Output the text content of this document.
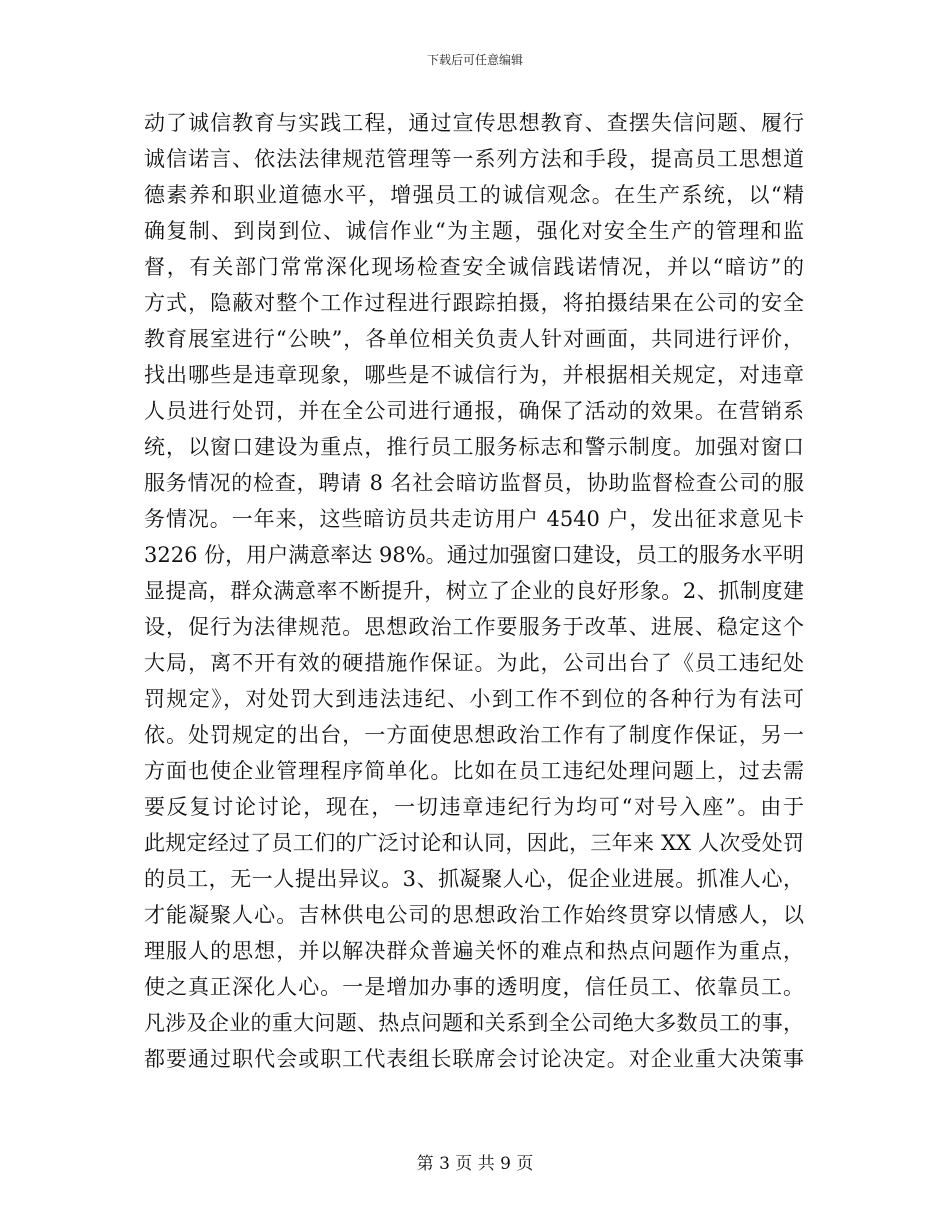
下载后可任意编辑
动了诚信教育与实践工程，通过宣传思想教育、查摆失信问题、履行
诚信诺言、依法法律规范管理等一系列方法和手段，提高员工思想道
德素养和职业道德水平，增强员工的诚信观念。在生产系统，以“精
确复制、到岗到位、诚信作业“为主题，强化对安全生产的管理和监
督，有关部门常常深化现场检查安全诚信践诺情况，并以“暗访”的
方式，隐蔽对整个工作过程进行跟踪拍摄，将拍摄结果在公司的安全
教育展室进行“公映”，各单位相关负责人针对画面，共同进行评价，
找出哪些是违章现象，哪些是不诚信行为，并根据相关规定，对违章
人员进行处罚，并在全公司进行通报，确保了活动的效果。在营销系
统，以窗口建设为重点，推行员工服务标志和警示制度。加强对窗口
服务情况的检查，聘请 8 名社会暗访监督员，协助监督检查公司的服
务情况。一年来，这些暗访员共走访用户 4540 户，发出征求意见卡
3226 份，用户满意率达 98%。通过加强窗口建设，员工的服务水平明
显提高，群众满意率不断提升，树立了企业的良好形象。2、抓制度建
设，促行为法律规范。思想政治工作要服务于改革、进展、稳定这个
大局，离不开有效的硬措施作保证。为此，公司出台了《员工违纪处
罚规定》，对处罚大到违法违纪、小到工作不到位的各种行为有法可
依。处罚规定的出台，一方面使思想政治工作有了制度作保证，另一
方面也使企业管理程序简单化。比如在员工违纪处理问题上，过去需
要反复讨论讨论，现在，一切违章违纪行为均可“对号入座”。由于
此规定经过了员工们的广泛讨论和认同，因此，三年来 XX 人次受处罚
的员工，无一人提出异议。3、抓凝聚人心，促企业进展。抓准人心，
才能凝聚人心。吉林供电公司的思想政治工作始终贯穿以情感人，以
理服人的思想，并以解决群众普遍关怀的难点和热点问题作为重点，
使之真正深化人心。一是增加办事的透明度，信任员工、依靠员工。
凡涉及企业的重大问题、热点问题和关系到全公司绝大多数员工的事，
都要通过职代会或职工代表组长联席会讨论决定。对企业重大决策事
第 3 页 共 9 页
